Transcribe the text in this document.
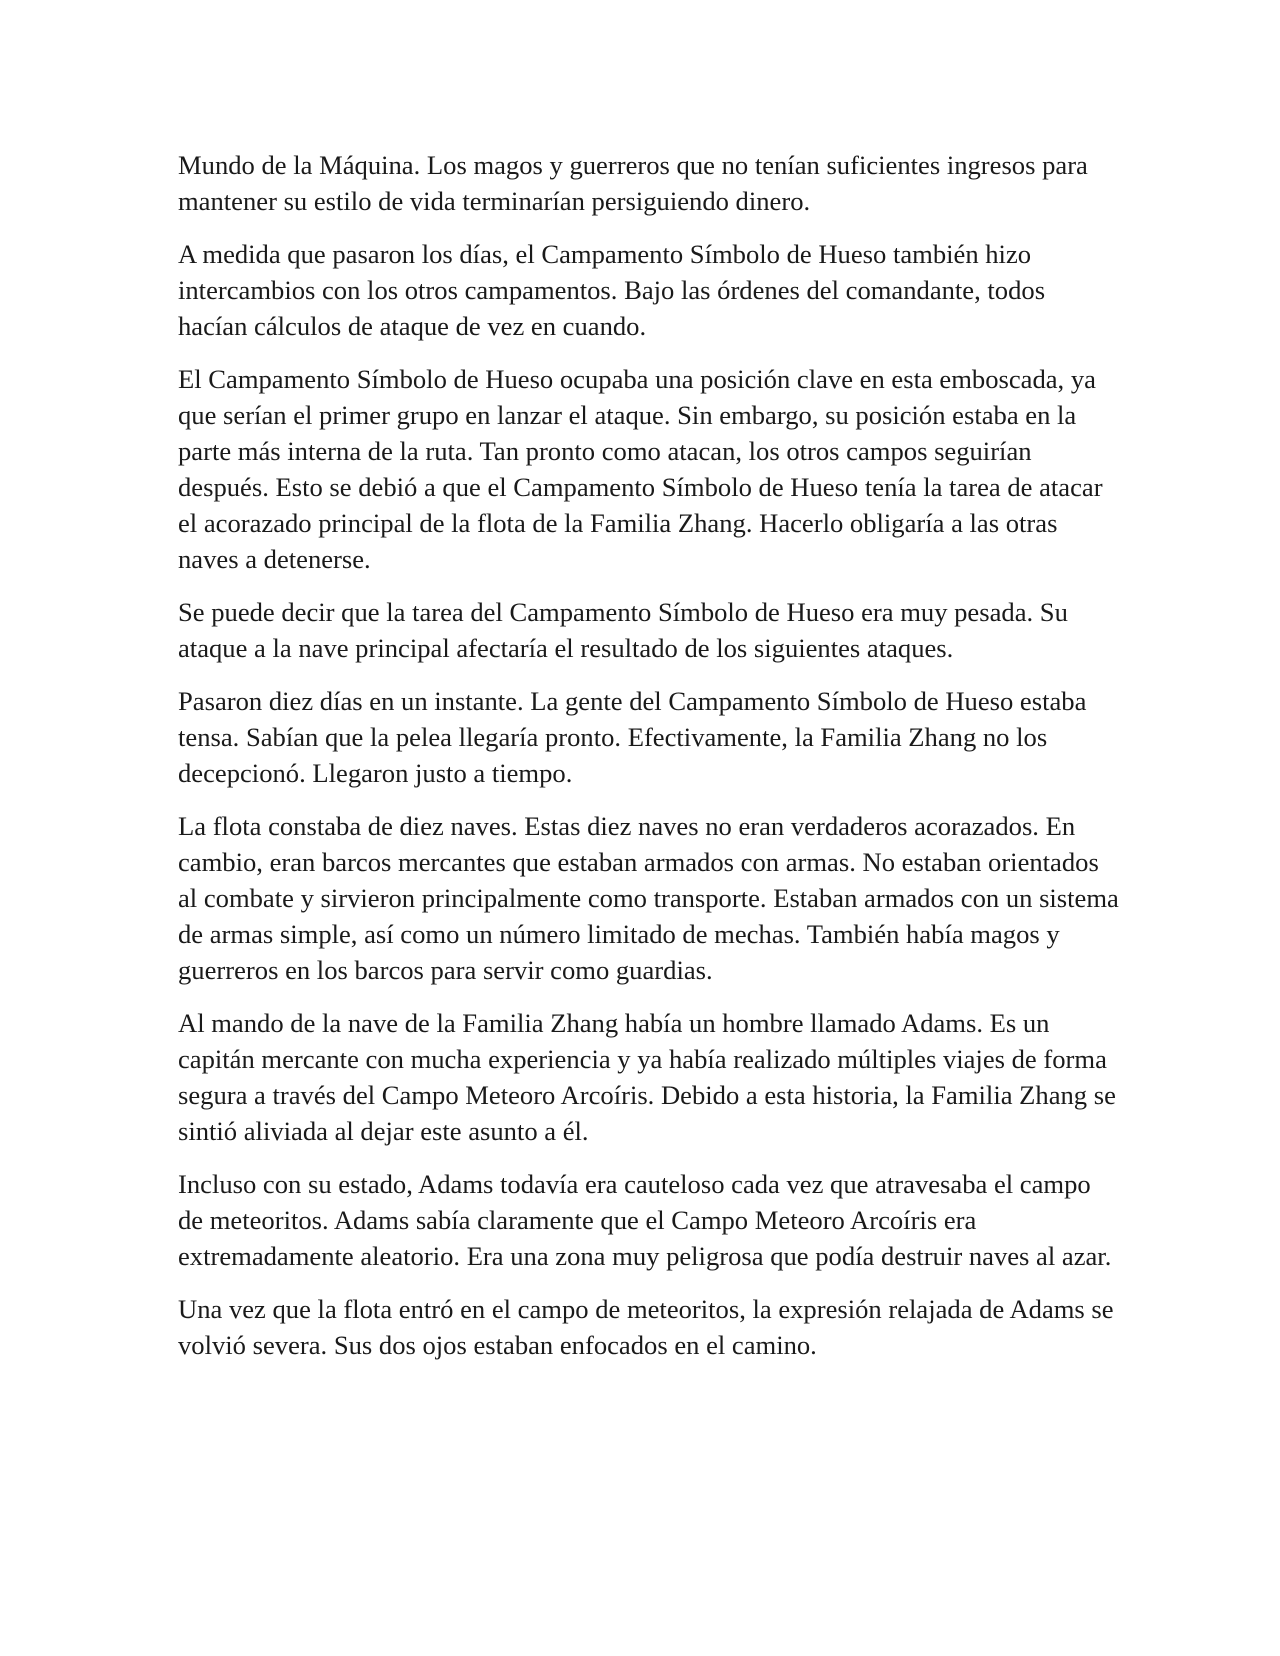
Mundo de la Máquina. Los magos y guerreros que no tenían suficientes ingresos para mantener su estilo de vida terminarían persiguiendo dinero.

A medida que pasaron los días, el Campamento Símbolo de Hueso también hizo intercambios con los otros campamentos. Bajo las órdenes del comandante, todos hacían cálculos de ataque de vez en cuando.

El Campamento Símbolo de Hueso ocupaba una posición clave en esta emboscada, ya que serían el primer grupo en lanzar el ataque. Sin embargo, su posición estaba en la parte más interna de la ruta. Tan pronto como atacan, los otros campos seguirían después. Esto se debió a que el Campamento Símbolo de Hueso tenía la tarea de atacar el acorazado principal de la flota de la Familia Zhang. Hacerlo obligaría a las otras naves a detenerse.

Se puede decir que la tarea del Campamento Símbolo de Hueso era muy pesada. Su ataque a la nave principal afectaría el resultado de los siguientes ataques.

Pasaron diez días en un instante. La gente del Campamento Símbolo de Hueso estaba tensa. Sabían que la pelea llegaría pronto. Efectivamente, la Familia Zhang no los decepcionó. Llegaron justo a tiempo.

La flota constaba de diez naves. Estas diez naves no eran verdaderos acorazados. En cambio, eran barcos mercantes que estaban armados con armas. No estaban orientados al combate y sirvieron principalmente como transporte. Estaban armados con un sistema de armas simple, así como un número limitado de mechas. También había magos y guerreros en los barcos para servir como guardias.

Al mando de la nave de la Familia Zhang había un hombre llamado Adams. Es un capitán mercante con mucha experiencia y ya había realizado múltiples viajes de forma segura a través del Campo Meteoro Arcoíris. Debido a esta historia, la Familia Zhang se sintió aliviada al dejar este asunto a él.

Incluso con su estado, Adams todavía era cauteloso cada vez que atravesaba el campo de meteoritos. Adams sabía claramente que el Campo Meteoro Arcoíris era extremadamente aleatorio. Era una zona muy peligrosa que podía destruir naves al azar.

Una vez que la flota entró en el campo de meteoritos, la expresión relajada de Adams se volvió severa. Sus dos ojos estaban enfocados en el camino.
